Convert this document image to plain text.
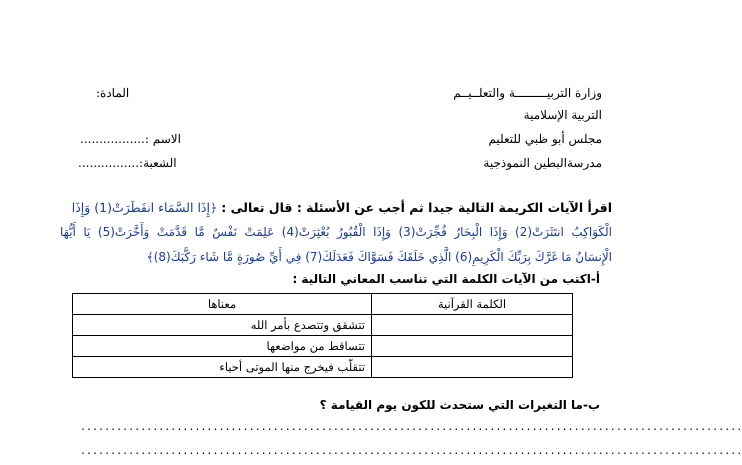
وزارة التربيـــــــــة والتعلــيــم
المادة:
التربية الإسلامية
مجلس أبو ظبي للتعليم
الاسم :.................
مدرسةالبطين النموذجية
الشعبة:................
اقرأ الآيات الكريمة التالية جيدا ثم أجب عن الأسئلة : قال تعالى : ﴿إِذَا السَّمَاء انفَطَرَتْ(1) وَإِذَا
الْكَوَاكِبُ انتَثَرَتْ(2) وَإِذَا الْبِحَارُ فُجِّرَتْ(3) وَإِذَا الْقُبُورُ بُعْثِرَتْ(4) عَلِمَتْ نَفْسٌ مَّا قَدَّمَتْ وَأَخَّرَتْ(5) يَا أَيُّهَا
الْإِنسَانُ مَا غَرَّكَ بِرَبِّكَ الْكَرِيمِ(6) الَّذِي خَلَقَكَ فَسَوَّاكَ فَعَدَلَكَ(7) فِي أَيِّ صُورَةٍ مَّا شَاء رَكَّبَكَ(8)﴾
أ-اكتب من الآيات الكلمة التي تناسب المعاني التالية :
الكلمة القرآنية	معناها
	تتشقق وتتصدع بأمر الله
	تتساقط من مواضعها
	تتقلّب فيخرج منها الموتى أحياء
ب-ما التغيرات التي ستحدث للكون يوم القيامة ؟
..............................................................................................................
..............................................................................................................
